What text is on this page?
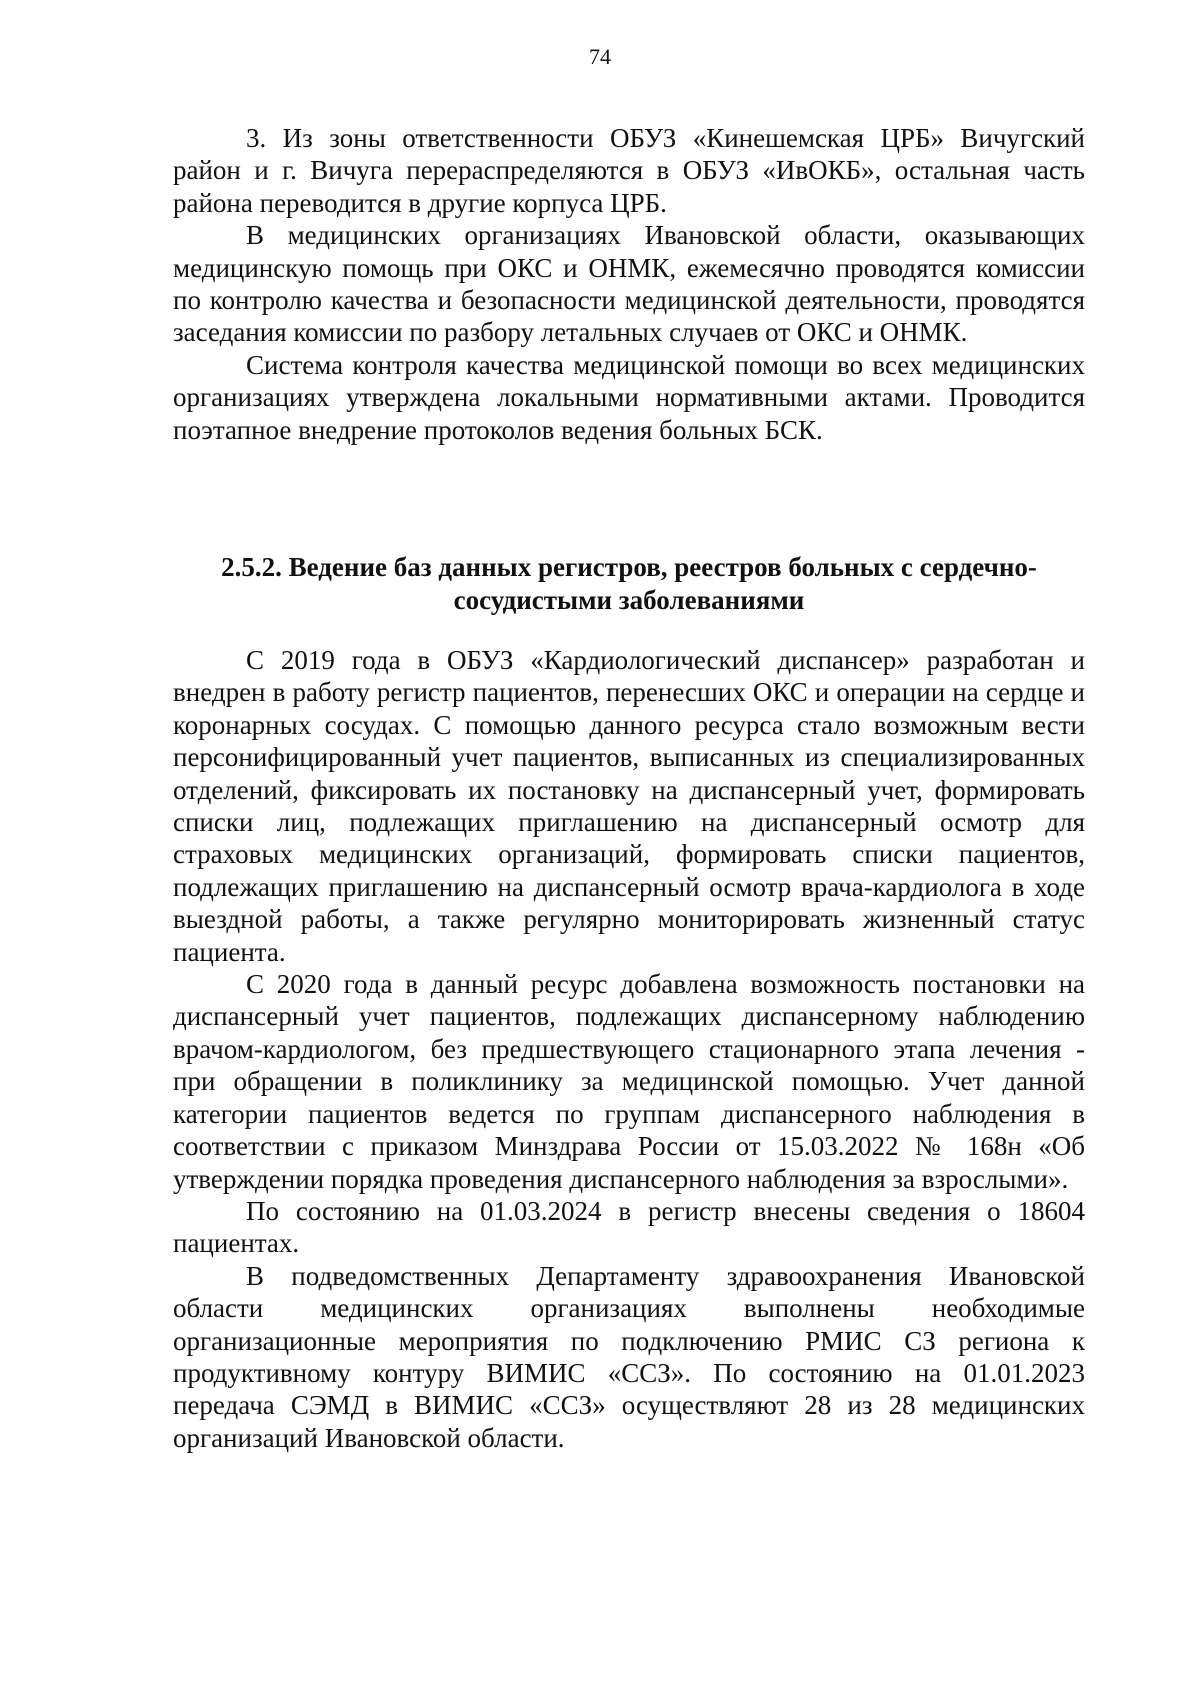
74

3. Из зоны ответственности ОБУЗ «Кинешемская ЦРБ» Вичугский район и г. Вичуга перераспределяются в ОБУЗ «ИвОКБ», остальная часть района переводится в другие корпуса ЦРБ.

В медицинских организациях Ивановской области, оказывающих медицинскую помощь при ОКС и ОНМК, ежемесячно проводятся комиссии по контролю качества и безопасности медицинской деятельности, проводятся заседания комиссии по разбору летальных случаев от ОКС и ОНМК.

Система контроля качества медицинской помощи во всех медицинских организациях утверждена локальными нормативными актами. Проводится поэтапное внедрение протоколов ведения больных БСК.

2.5.2. Ведение баз данных регистров, реестров больных с сердечно-
сосудистыми заболеваниями

С 2019 года в ОБУЗ «Кардиологический диспансер» разработан и внедрен в работу регистр пациентов, перенесших ОКС и операции на сердце и коронарных сосудах. С помощью данного ресурса стало возможным вести персонифицированный учет пациентов, выписанных из специализированных отделений, фиксировать их постановку на диспансерный учет, формировать списки лиц, подлежащих приглашению на диспансерный осмотр для страховых медицинских организаций, формировать списки пациентов, подлежащих приглашению на диспансерный осмотр врача-кардиолога в ходе выездной работы, а также регулярно мониторировать жизненный статус пациента.

С 2020 года в данный ресурс добавлена возможность постановки на диспансерный учет пациентов, подлежащих диспансерному наблюдению врачом-кардиологом, без предшествующего стационарного этапа лечения - при обращении в поликлинику за медицинской помощью. Учет данной категории пациентов ведется по группам диспансерного наблюдения в соответствии с приказом Минздрава России от 15.03.2022 № 168н «Об утверждении порядка проведения диспансерного наблюдения за взрослыми».

По состоянию на 01.03.2024 в регистр внесены сведения о 18604 пациентах.

В подведомственных Департаменту здравоохранения Ивановской области медицинских организациях выполнены необходимые организационные мероприятия по подключению РМИС СЗ региона к продуктивному контуру ВИМИС «ССЗ». По состоянию на 01.01.2023 передача СЭМД в ВИМИС «ССЗ» осуществляют 28 из 28 медицинских организаций Ивановской области.
